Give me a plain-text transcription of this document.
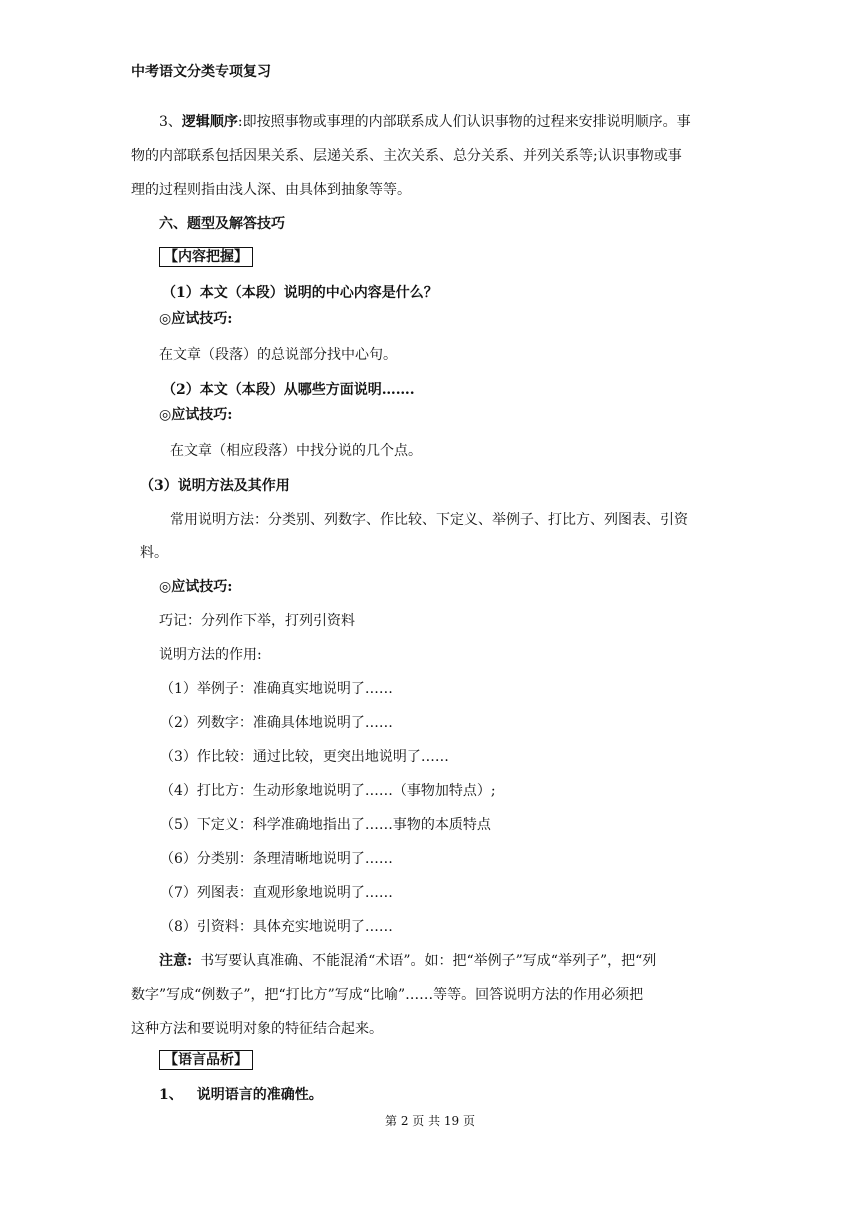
中考语文分类专项复习
3、逻辑顺序:即按照事物或事理的内部联系成人们认识事物的过程来安排说明顺序。事
物的内部联系包括因果关系、层递关系、主次关系、总分关系、并列关系等;认识事物或事
理的过程则指由浅人深、由具体到抽象等等。
六、题型及解答技巧
【内容把握】
（1）本文（本段）说明的中心内容是什么？
◎应试技巧:
在文章（段落）的总说部分找中心句。
（2）本文（本段）从哪些方面说明…….
◎应试技巧:
在文章（相应段落）中找分说的几个点。
（3）说明方法及其作用
常用说明方法：分类别、列数字、作比较、下定义、举例子、打比方、列图表、引资
料。
◎应试技巧:
巧记：分列作下举，打列引资料
说明方法的作用:
（1）举例子：准确真实地说明了……
（2）列数字：准确具体地说明了……
（3）作比较：通过比较，更突出地说明了……
（4）打比方：生动形象地说明了……（事物加特点）;
（5）下定义：科学准确地指出了……事物的本质特点
（6）分类别：条理清晰地说明了……
（7）列图表：直观形象地说明了……
（8）引资料：具体充实地说明了……
注意: 书写要认真准确、不能混淆“术语”。如：把“举例子”写成“举列子”，把“列
数字”写成“例数子”，把“打比方”写成“比喻”……等等。回答说明方法的作用必须把
这种方法和要说明对象的特征结合起来。
【语言品析】
1、 说明语言的准确性。
第 2 页 共 19 页
